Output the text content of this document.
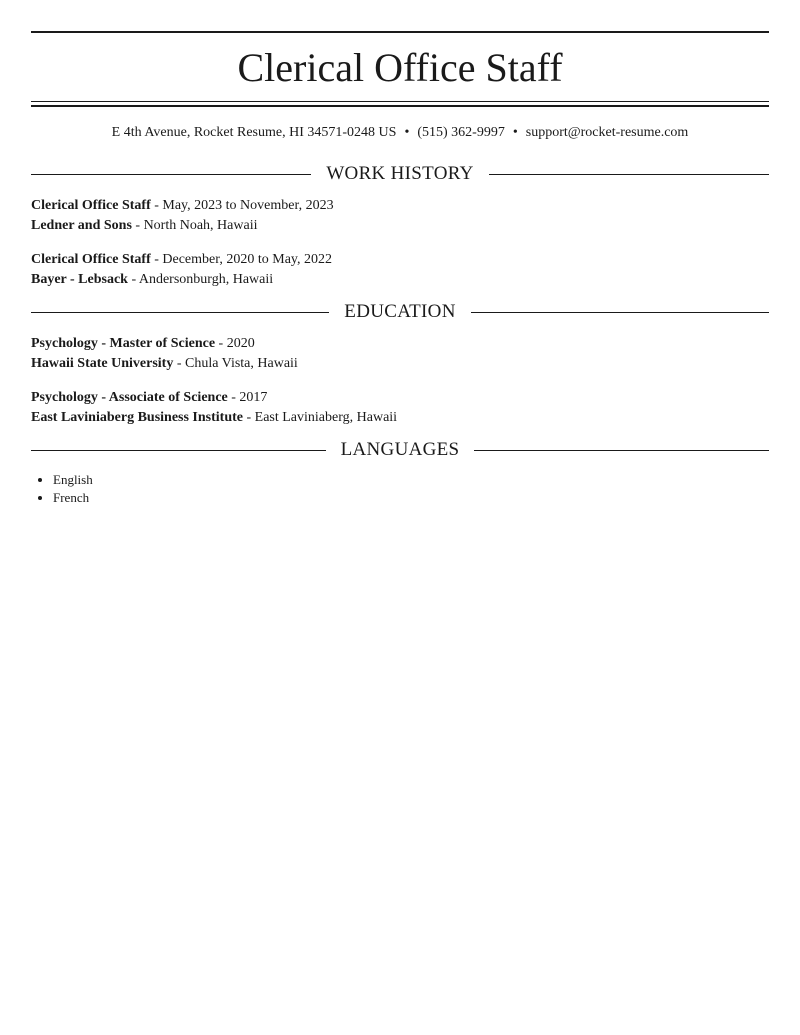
Clerical Office Staff
E 4th Avenue, Rocket Resume, HI 34571-0248 US • (515) 362-9997 • support@rocket-resume.com
WORK HISTORY
Clerical Office Staff - May, 2023 to November, 2023
Ledner and Sons - North Noah, Hawaii
Clerical Office Staff - December, 2020 to May, 2022
Bayer - Lebsack - Andersonburgh, Hawaii
EDUCATION
Psychology - Master of Science - 2020
Hawaii State University - Chula Vista, Hawaii
Psychology - Associate of Science - 2017
East Laviniaberg Business Institute - East Laviniaberg, Hawaii
LANGUAGES
• English
• French
